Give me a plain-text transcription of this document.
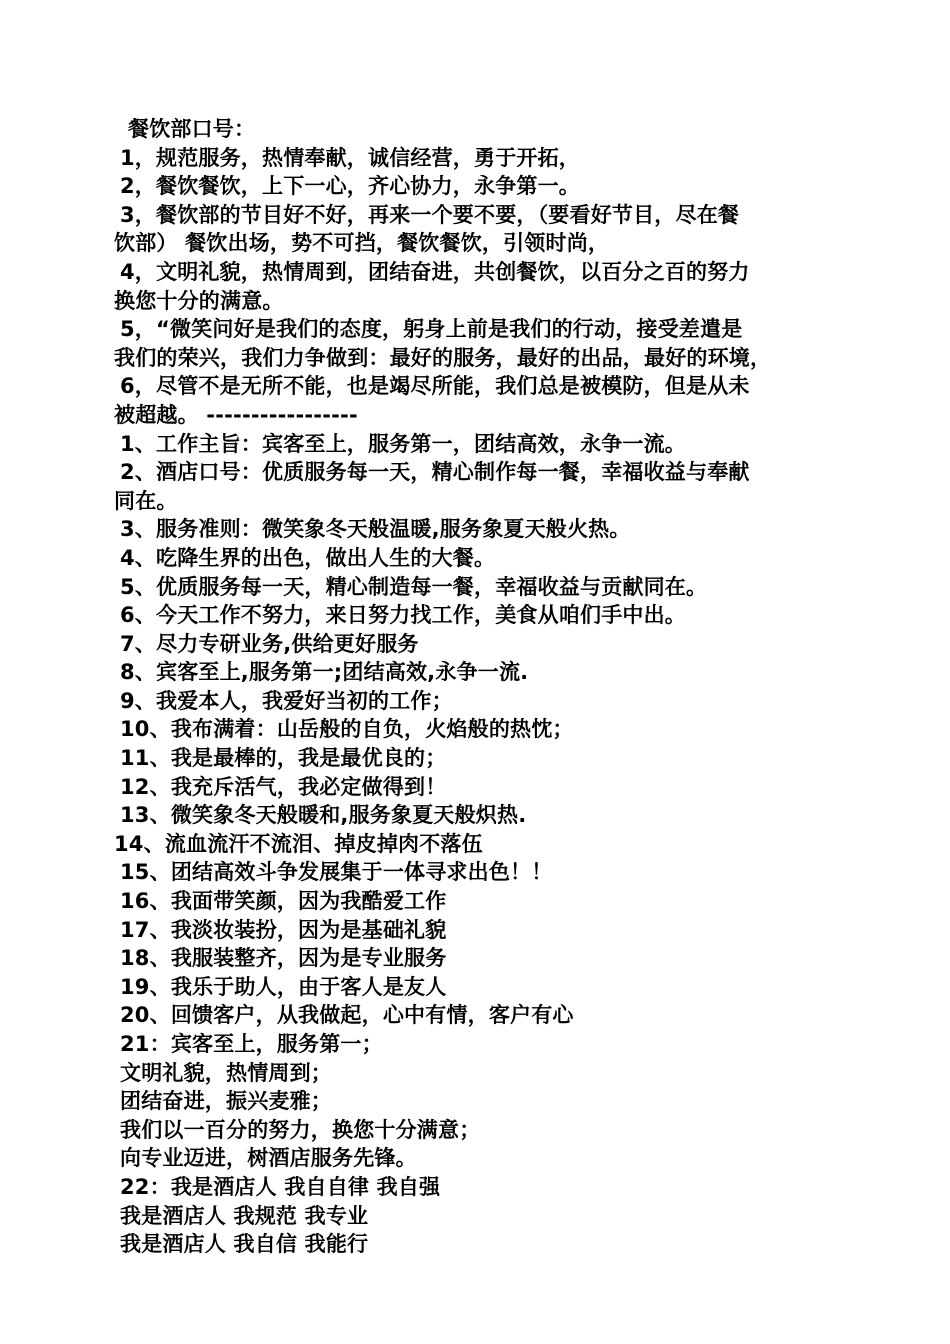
餐饮部口号：
1，规范服务，热情奉献，诚信经营，勇于开拓，
2，餐饮餐饮，上下一心，齐心协力，永争第一。
3，餐饮部的节目好不好，再来一个要不要，（要看好节目，尽在餐
饮部） 餐饮出场，势不可挡，餐饮餐饮，引领时尚，
4，文明礼貌，热情周到，团结奋进，共创餐饮，以百分之百的努力
换您十分的满意。
5，“微笑问好是我们的态度，躬身上前是我们的行动，接受差遣是
我们的荣兴，我们力争做到：最好的服务，最好的出品，最好的环境，
6，尽管不是无所不能，也是竭尽所能，我们总是被模防，但是从未
被超越。 -----------------
1、工作主旨：宾客至上，服务第一，团结高效，永争一流。
2、酒店口号：优质服务每一天，精心制作每一餐，幸福收益与奉献
同在。
3、服务准则：微笑象冬天般温暖,服务象夏天般火热。
4、吃降生界的出色，做出人生的大餐。
5、优质服务每一天，精心制造每一餐，幸福收益与贡献同在。
6、今天工作不努力，来日努力找工作，美食从咱们手中出。
7、尽力专研业务,供给更好服务
8、宾客至上,服务第一;团结高效,永争一流.
9、我爱本人，我爱好当初的工作；
10、我布满着：山岳般的自负，火焰般的热忱；
11、我是最棒的，我是最优良的；
12、我充斥活气，我必定做得到！
13、微笑象冬天般暖和,服务象夏天般炽热.
14、流血流汗不流泪、掉皮掉肉不落伍
15、团结高效斗争发展集于一体寻求出色！！
16、我面带笑颜，因为我酷爱工作
17、我淡妆装扮，因为是基础礼貌
18、我服装整齐，因为是专业服务
19、我乐于助人，由于客人是友人
20、回馈客户，从我做起，心中有情，客户有心
21：宾客至上，服务第一；
文明礼貌，热情周到；
团结奋进，振兴麦雅；
我们以一百分的努力，换您十分满意；
向专业迈进，树酒店服务先锋。
22：我是酒店人 我自自律 我自强
我是酒店人 我规范 我专业
我是酒店人 我自信 我能行
